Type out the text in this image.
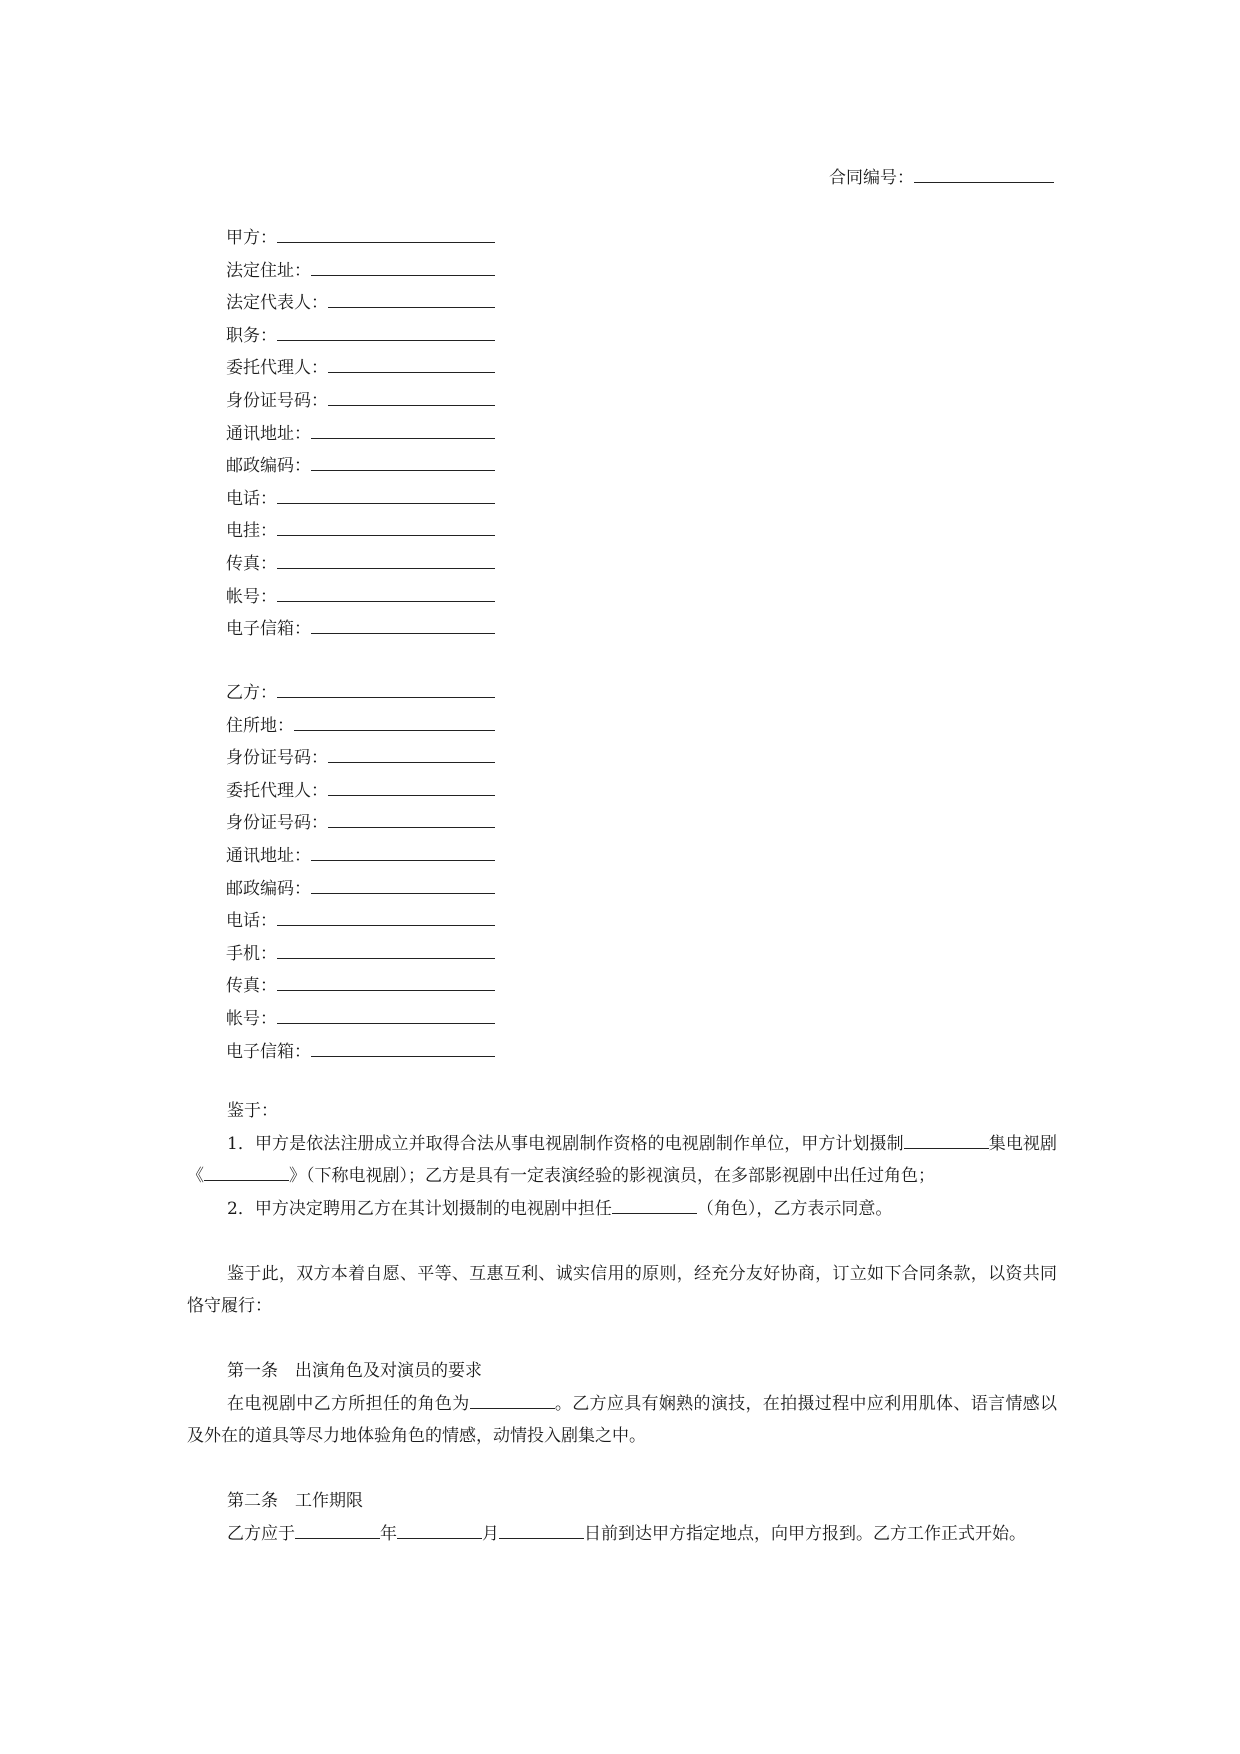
合同编号：
甲方：
法定住址：
法定代表人：
职务：
委托代理人：
身份证号码：
通讯地址：
邮政编码：
电话：
电挂：
传真：
帐号：
电子信箱：
乙方：
住所地：
身份证号码：
委托代理人：
身份证号码：
通讯地址：
邮政编码：
电话：
手机：
传真：
帐号：
电子信箱：

鉴于：

1．甲方是依法注册成立并取得合法从事电视剧制作资格的电视剧制作单位，甲方计划摄制	集电视剧《	》（下称电视剧）；乙方是具有一定表演经验的影视演员，在多部影视剧中出任过角色；

2．甲方决定聘用乙方在其计划摄制的电视剧中担任	（角色），乙方表示同意。

鉴于此，双方本着自愿、平等、互惠互利、诚实信用的原则，经充分友好协商，订立如下合同条款，以资共同恪守履行：

第一条　出演角色及对演员的要求

在电视剧中乙方所担任的角色为	。乙方应具有娴熟的演技，在拍摄过程中应利用肌体、语言情感以及外在的道具等尽力地体验角色的情感，动情投入剧集之中。

第二条　工作期限

乙方应于	年	月	日前到达甲方指定地点，向甲方报到。乙方工作正式开始。
